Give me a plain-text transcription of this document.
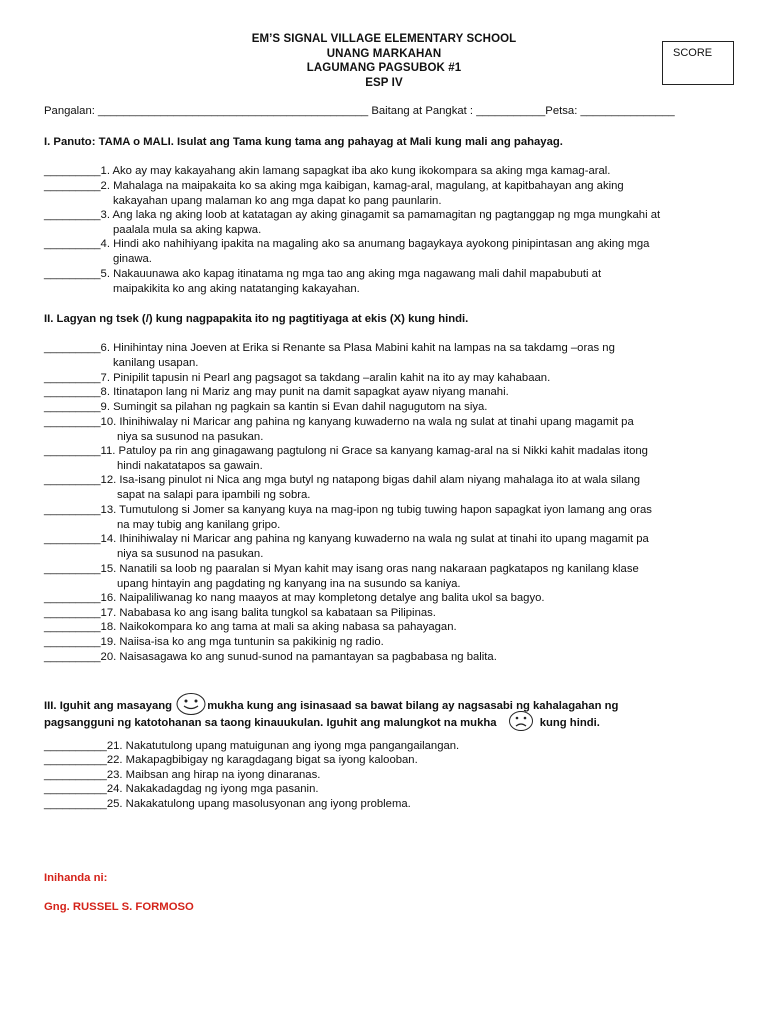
EM’S SIGNAL VILLAGE ELEMENTARY SCHOOL
UNANG MARKAHAN
LAGUMANG PAGSUBOK #1
ESP IV
SCORE
Pangalan: ___________________________________________ Baitang at Pangkat : ___________Petsa: _______________
I. Panuto: TAMA o MALI. Isulat ang Tama kung tama ang pahayag at Mali kung mali ang pahayag.
_________1. Ako ay may kakayahang akin lamang sapagkat iba ako kung ikokompara sa aking mga kamag-aral.
_________2. Mahalaga na maipakaita ko sa aking mga kaibigan, kamag-aral, magulang, at kapitbahayan ang aking
kakayahan upang malaman ko ang mga dapat ko pang paunlarin.
_________3. Ang laka ng aking loob at katatagan ay aking ginagamit sa pamamagitan ng pagtanggap ng mga mungkahi at
paalala mula sa aking kapwa.
_________4. Hindi ako nahihiyang ipakita na magaling ako sa anumang bagaykaya ayokong pinipintasan ang aking mga
ginawa.
_________5. Nakauunawa ako kapag itinatama ng mga tao ang aking mga nagawang mali dahil mapabubuti at
maipakikita ko ang aking natatanging kakayahan.
II. Lagyan ng tsek (/) kung nagpapakita ito ng pagtitiyaga at ekis (X) kung hindi.
_________6. Hinihintay nina Joeven at Erika si Renante sa Plasa Mabini kahit na lampas na sa takdamg –oras ng
kanilang usapan.
_________7. Pinipilit tapusin ni Pearl ang pagsagot sa takdang –aralin kahit na ito ay may kahabaan.
_________8. Itinatapon lang ni Mariz ang may punit na damit sapagkat ayaw niyang manahi.
_________9. Sumingit sa pilahan ng pagkain sa kantin si Evan dahil nagugutom na siya.
_________10. Ihinihiwalay ni Maricar ang pahina ng kanyang kuwaderno na wala ng sulat at tinahi upang magamit pa
niya sa susunod na pasukan.
_________11. Patuloy pa rin ang ginagawang pagtulong ni Grace sa kanyang kamag-aral na si Nikki kahit madalas itong
hindi nakatatapos sa gawain.
_________12. Isa-isang pinulot ni Nica ang mga butyl ng natapong bigas dahil alam niyang mahalaga ito at wala silang
sapat na salapi para ipambili ng sobra.
_________13. Tumutulong si Jomer sa kanyang kuya na mag-ipon ng tubig tuwing hapon sapagkat iyon lamang ang oras
na may tubig ang kanilang gripo.
_________14. Ihinihiwalay ni Maricar ang pahina ng kanyang kuwaderno na wala ng sulat at tinahi ito upang magamit pa
niya sa susunod na pasukan.
_________15. Nanatili sa loob ng paaralan si Myan kahit may isang oras nang nakaraan pagkatapos ng kanilang klase
upang hintayin ang pagdating ng kanyang ina na susundo sa kaniya.
_________16. Naipaliliwanag ko nang maayos at may kompletong detalye ang balita ukol sa bagyo.
_________17. Nababasa ko ang isang balita tungkol sa kabataan sa Pilipinas.
_________18. Naikokompara ko ang tama at mali sa aking nabasa sa pahayagan.
_________19. Naiisa-isa ko ang mga tuntunin sa pakikinig ng radio.
_________20. Naisasagawa ko ang sunud-sunod na pamantayan sa pagbabasa ng balita.
III. Iguhit ang masayang	mukha kung ang isinasaad sa bawat bilang ay nagsasabi ng kahalagahan ng
pagsangguni ng katotohanan sa taong kinauukulan. Iguhit ang malungkot na mukha	kung hindi.
__________21. Nakatutulong upang matuigunan ang iyong mga pangangailangan.
__________22. Makapagbibigay ng karagdagang bigat sa iyong kalooban.
__________23. Maibsan ang hirap na iyong dinaranas.
__________24. Nakakadagdag ng iyong mga pasanin.
__________25. Nakakatulong upang masolusyonan ang iyong problema.
Inihanda ni:
Gng. RUSSEL S. FORMOSO
